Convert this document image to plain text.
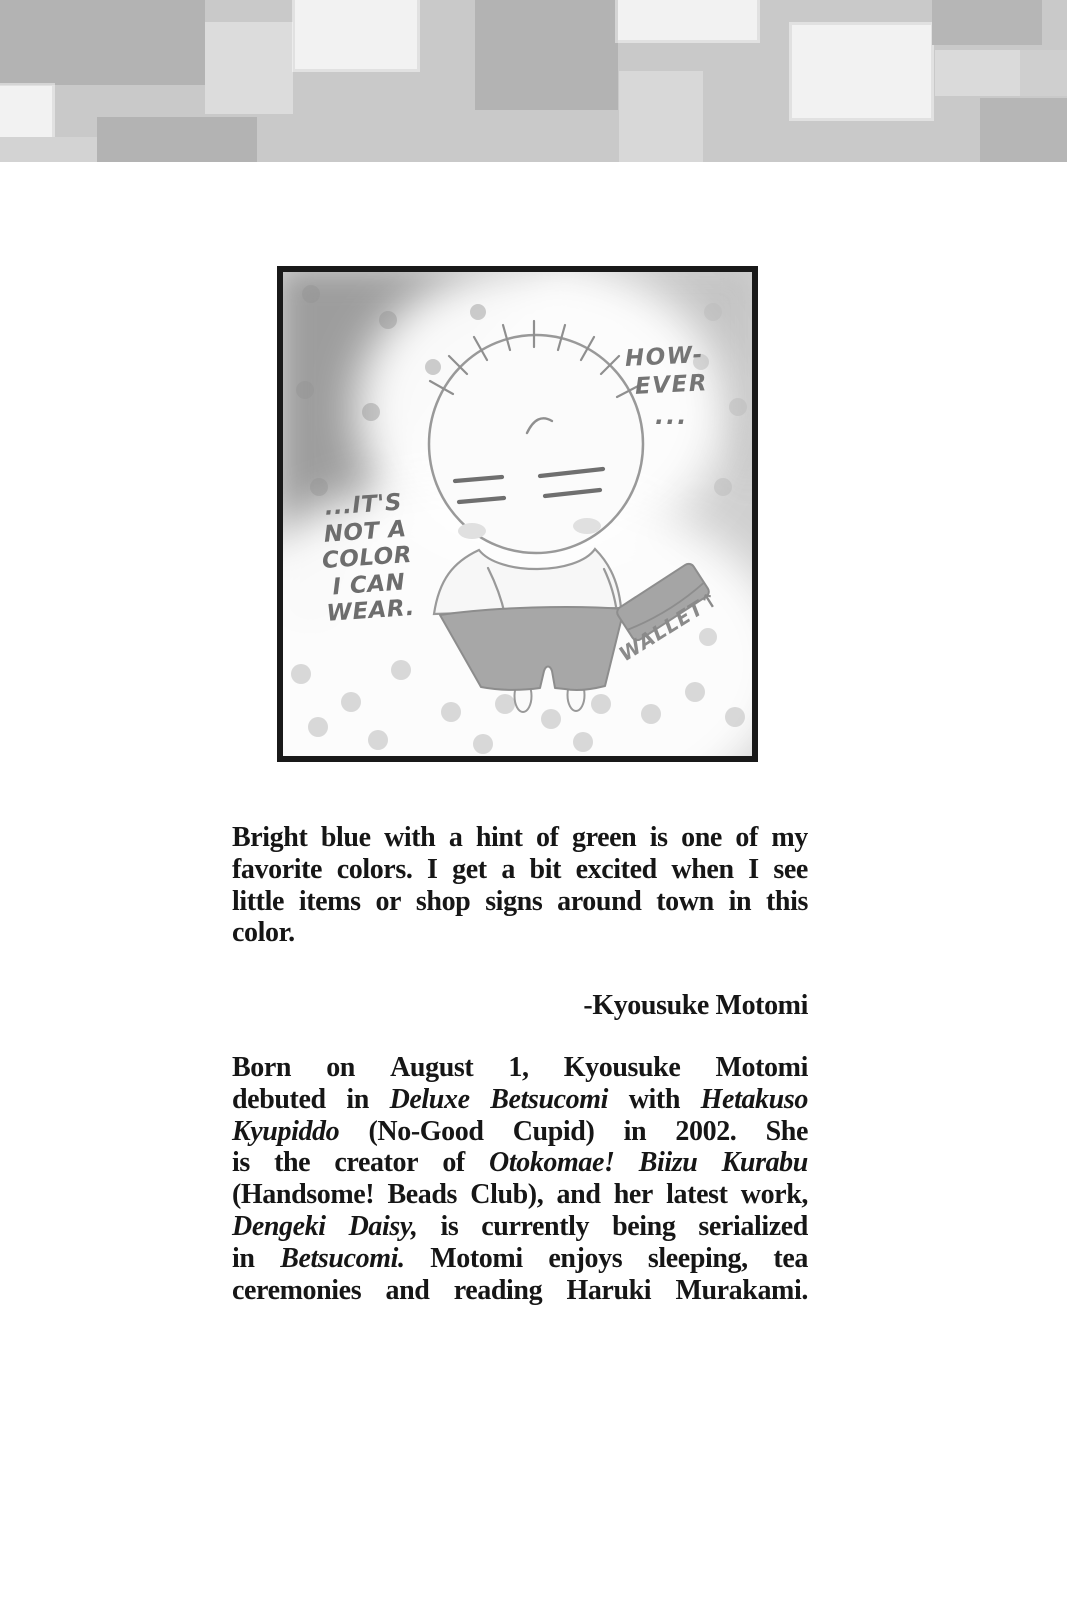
HOW-
EVER
...
...IT'S
NOT A
COLOR
I CAN
WEAR.	WALLET↑
Bright blue with a hint of green is one of my
favorite colors. I get a bit excited when I see
little items or shop signs around town in this
color.
-Kyousuke Motomi
Born on August 1, Kyousuke Motomi
debuted in Deluxe Betsucomi with Hetakuso
Kyupiddo (No-Good Cupid) in 2002. She
is the creator of Otokomae! Biizu Kurabu
(Handsome! Beads Club), and her latest work,
Dengeki Daisy, is currently being serialized
in Betsucomi. Motomi enjoys sleeping, tea
ceremonies and reading Haruki Murakami.
